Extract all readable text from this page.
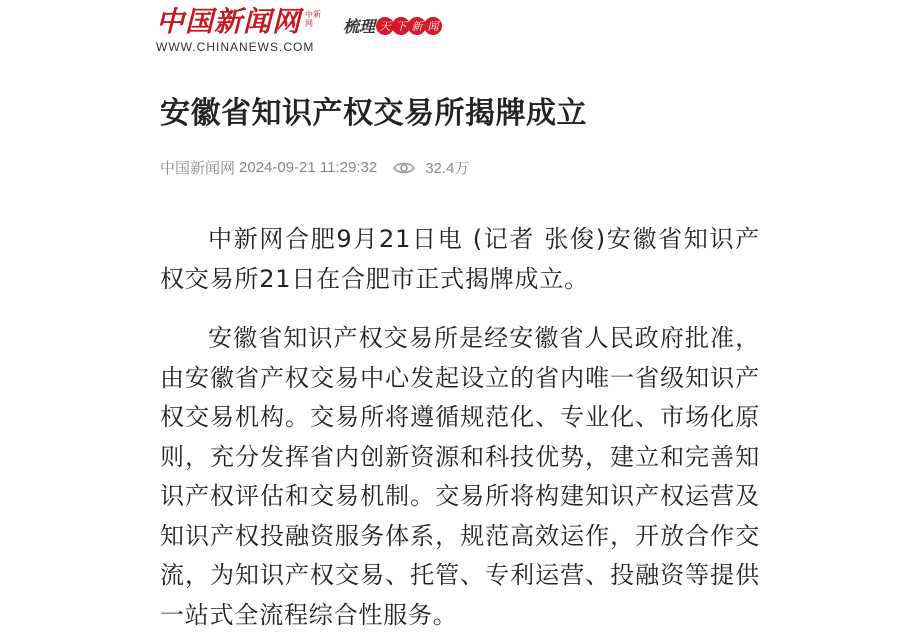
中国新闻网 中新
网
WWW.CHINANEWS.COM
梳理 天 下 新 闻
安徽省知识产权交易所揭牌成立
中国新闻网 2024-09-21 11:29:32	32.4万

中新网合肥9月21日电 (记者 张俊)安徽省知识产权交易所21日在合肥市正式揭牌成立。

安徽省知识产权交易所是经安徽省人民政府批准，由安徽省产权交易中心发起设立的省内唯一省级知识产权交易机构。交易所将遵循规范化、专业化、市场化原则，充分发挥省内创新资源和科技优势，建立和完善知识产权评估和交易机制。交易所将构建知识产权运营及知识产权投融资服务体系，规范高效运作，开放合作交流，为知识产权交易、托管、专利运营、投融资等提供一站式全流程综合性服务。
